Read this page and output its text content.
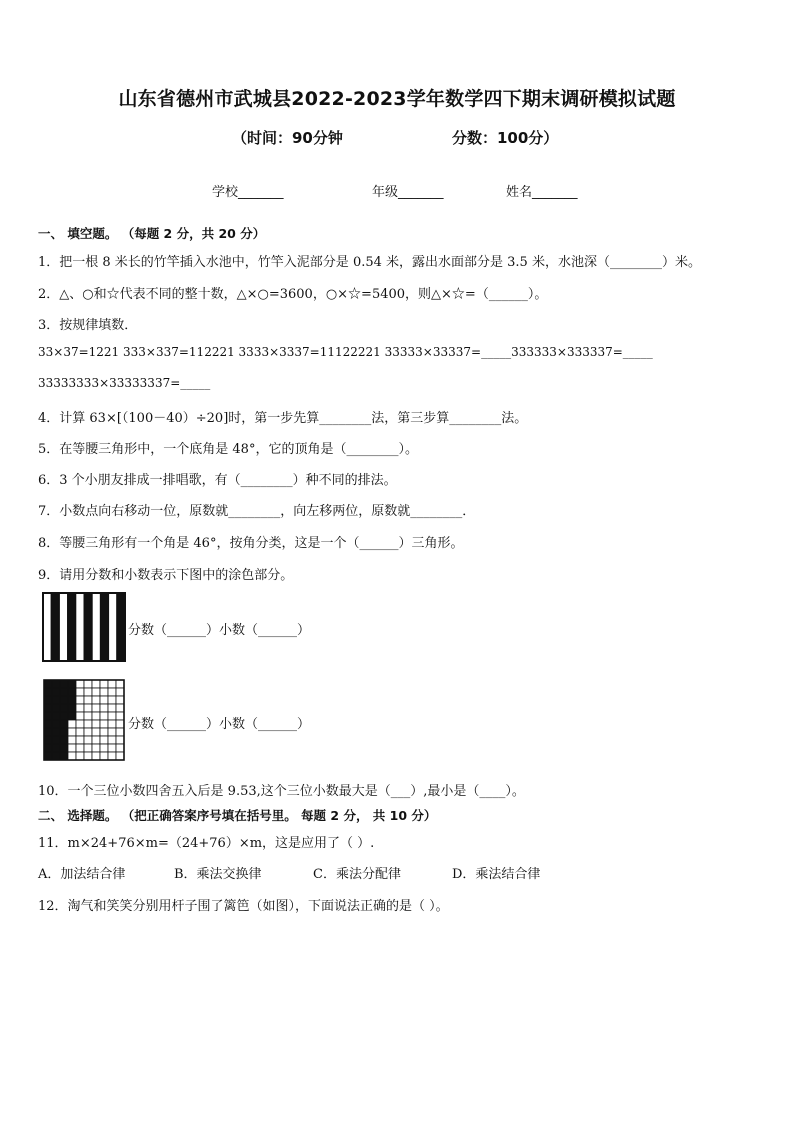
山东省德州市武城县2022-2023学年数学四下期末调研模拟试题
（时间：90分钟	分数：100分）
学校_______	年级_______	姓名_______
一、 填空题。 （每题 2 分，共 20 分）
1．把一根 8 米长的竹竿插入水池中，竹竿入泥部分是 0.54 米，露出水面部分是 3.5 米，水池深（________）米。
2．△、○和☆代表不同的整十数，△×○=3600，○×☆=5400，则△×☆=（______）。
3．按规律填数．
33×37=1221 333×337=112221 3333×3337=11122221 33333×33337=_____333333×333337=_____
33333333×33333337=_____
4．计算 63×[（100－40）÷20]时，第一步先算________法，第三步算________法。
5．在等腰三角形中，一个底角是 48°，它的顶角是（________）。
6．3 个小朋友排成一排唱歌，有（________）种不同的排法。
7．小数点向右移动一位，原数就________，向左移两位，原数就________．
8．等腰三角形有一个角是 46°，按角分类，这是一个（______）三角形。
9．请用分数和小数表示下图中的涂色部分。
分数（______）小数（______）
分数（______）小数（______）
10．一个三位小数四舍五入后是 9.53,这个三位小数最大是（___）,最小是（____）。
二、 选择题。 （把正确答案序号填在括号里。 每题 2 分， 共 10 分）
11．m×24+76×m=（24+76）×m，这是应用了（ ）.
A．加法结合律	B．乘法交换律	C．乘法分配律	D．乘法结合律
12．淘气和笑笑分别用杆子围了篱笆（如图），下面说法正确的是（ ）。
